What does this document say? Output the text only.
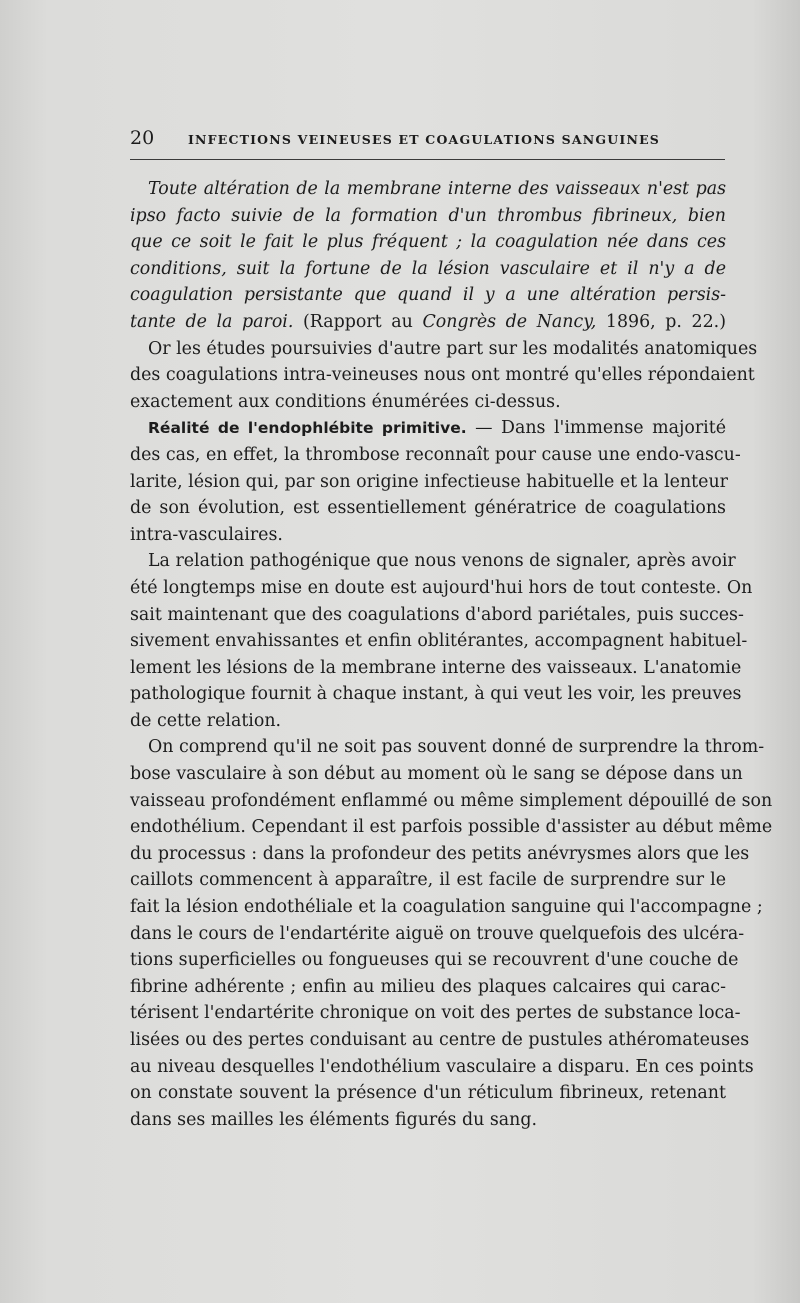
20	INFECTIONS VEINEUSES ET COAGULATIONS SANGUINES
Toute altération de la membrane interne des vaisseaux n'est pas
ipso facto suivie de la formation d'un thrombus fibrineux, bien
que ce soit le fait le plus fréquent ; la coagulation née dans ces
conditions, suit la fortune de la lésion vasculaire et il n'y a de
coagulation persistante que quand il y a une altération persis-
tante de la paroi. (Rapport au Congrès de Nancy, 1896, p. 22.)
Or les études poursuivies d'autre part sur les modalités anatomiques
des coagulations intra-veineuses nous ont montré qu'elles répondaient
exactement aux conditions énumérées ci-dessus.
Réalité de l'endophlébite primitive. — Dans l'immense majorité
des cas, en effet, la thrombose reconnaît pour cause une endo-vascu-
larite, lésion qui, par son origine infectieuse habituelle et la lenteur
de son évolution, est essentiellement génératrice de coagulations
intra-vasculaires.
La relation pathogénique que nous venons de signaler, après avoir
été longtemps mise en doute est aujourd'hui hors de tout conteste. On
sait maintenant que des coagulations d'abord pariétales, puis succes-
sivement envahissantes et enfin oblitérantes, accompagnent habituel-
lement les lésions de la membrane interne des vaisseaux. L'anatomie
pathologique fournit à chaque instant, à qui veut les voir, les preuves
de cette relation.
On comprend qu'il ne soit pas souvent donné de surprendre la throm-
bose vasculaire à son début au moment où le sang se dépose dans un
vaisseau profondément enflammé ou même simplement dépouillé de son
endothélium. Cependant il est parfois possible d'assister au début même
du processus : dans la profondeur des petits anévrysmes alors que les
caillots commencent à apparaître, il est facile de surprendre sur le
fait la lésion endothéliale et la coagulation sanguine qui l'accompagne ;
dans le cours de l'endartérite aiguë on trouve quelquefois des ulcéra-
tions superficielles ou fongueuses qui se recouvrent d'une couche de
fibrine adhérente ; enfin au milieu des plaques calcaires qui carac-
térisent l'endartérite chronique on voit des pertes de substance loca-
lisées ou des pertes conduisant au centre de pustules athéromateuses
au niveau desquelles l'endothélium vasculaire a disparu. En ces points
on constate souvent la présence d'un réticulum fibrineux, retenant
dans ses mailles les éléments figurés du sang.
